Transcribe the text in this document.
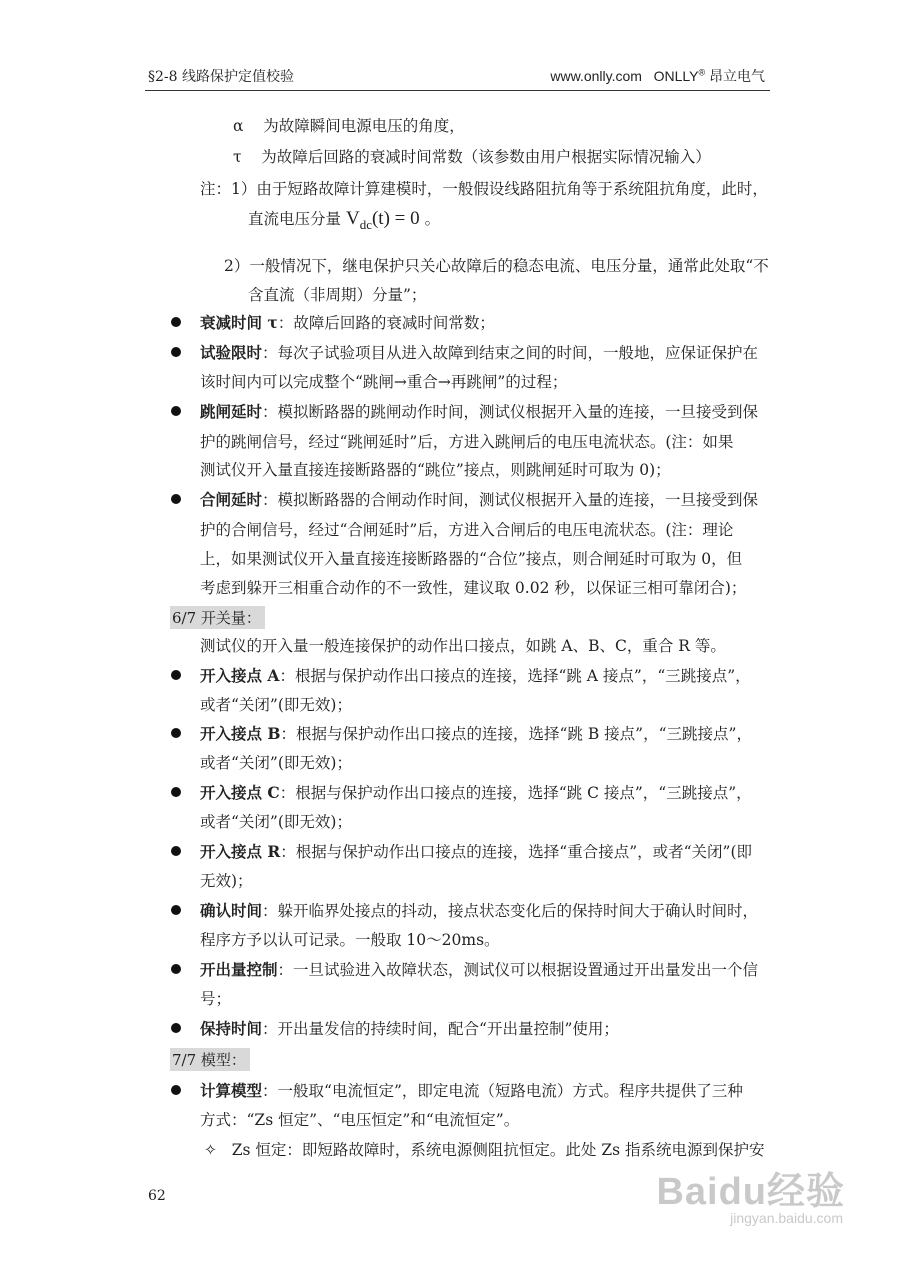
§2-8 线路保护定值校验	www.onlly.com ONLLY® 昂立电气
α 为故障瞬间电源电压的角度，
τ 为故障后回路的衰减时间常数（该参数由用户根据实际情况输入）
注：1）由于短路故障计算建模时，一般假设线路阻抗角等于系统阻抗角度，此时，
直流电压分量 $V_{dc}(t) = 0$ 。
2）一般情况下，继电保护只关心故障后的稳态电流、电压分量，通常此处取“不
含直流（非周期）分量”；
衰减时间 τ：故障后回路的衰减时间常数；
试验限时：每次子试验项目从进入故障到结束之间的时间，一般地，应保证保护在
该时间内可以完成整个“跳闸→重合→再跳闸”的过程；
跳闸延时：模拟断路器的跳闸动作时间，测试仪根据开入量的连接，一旦接受到保
护的跳闸信号，经过“跳闸延时”后，方进入跳闸后的电压电流状态。(注：如果
测试仪开入量直接连接断路器的“跳位”接点，则跳闸延时可取为 0)；
合闸延时：模拟断路器的合闸动作时间，测试仪根据开入量的连接，一旦接受到保
护的合闸信号，经过“合闸延时”后，方进入合闸后的电压电流状态。(注：理论
上，如果测试仪开入量直接连接断路器的“合位”接点，则合闸延时可取为 0，但
考虑到躲开三相重合动作的不一致性，建议取 0.02 秒，以保证三相可靠闭合)；
6/7 开关量：
测试仪的开入量一般连接保护的动作出口接点，如跳 A、B、C，重合 R 等。
开入接点 A：根据与保护动作出口接点的连接，选择“跳 A 接点”，“三跳接点”，
或者“关闭”(即无效)；
开入接点 B：根据与保护动作出口接点的连接，选择“跳 B 接点”，“三跳接点”，
或者“关闭”(即无效)；
开入接点 C：根据与保护动作出口接点的连接，选择“跳 C 接点”，“三跳接点”，
或者“关闭”(即无效)；
开入接点 R：根据与保护动作出口接点的连接，选择“重合接点”，或者“关闭”(即
无效)；
确认时间：躲开临界处接点的抖动，接点状态变化后的保持时间大于确认时间时，
程序方予以认可记录。一般取 10～20ms。
开出量控制：一旦试验进入故障状态，测试仪可以根据设置通过开出量发出一个信
号；
保持时间：开出量发信的持续时间，配合“开出量控制”使用；
7/7 模型：
计算模型：一般取“电流恒定”，即定电流（短路电流）方式。程序共提供了三种
方式：“Zs 恒定”、“电压恒定”和“电流恒定”。
✧ Zs 恒定：即短路故障时，系统电源侧阻抗恒定。此处 Zs 指系统电源到保护安
62	Baidu经验
jingyan.baidu.com
